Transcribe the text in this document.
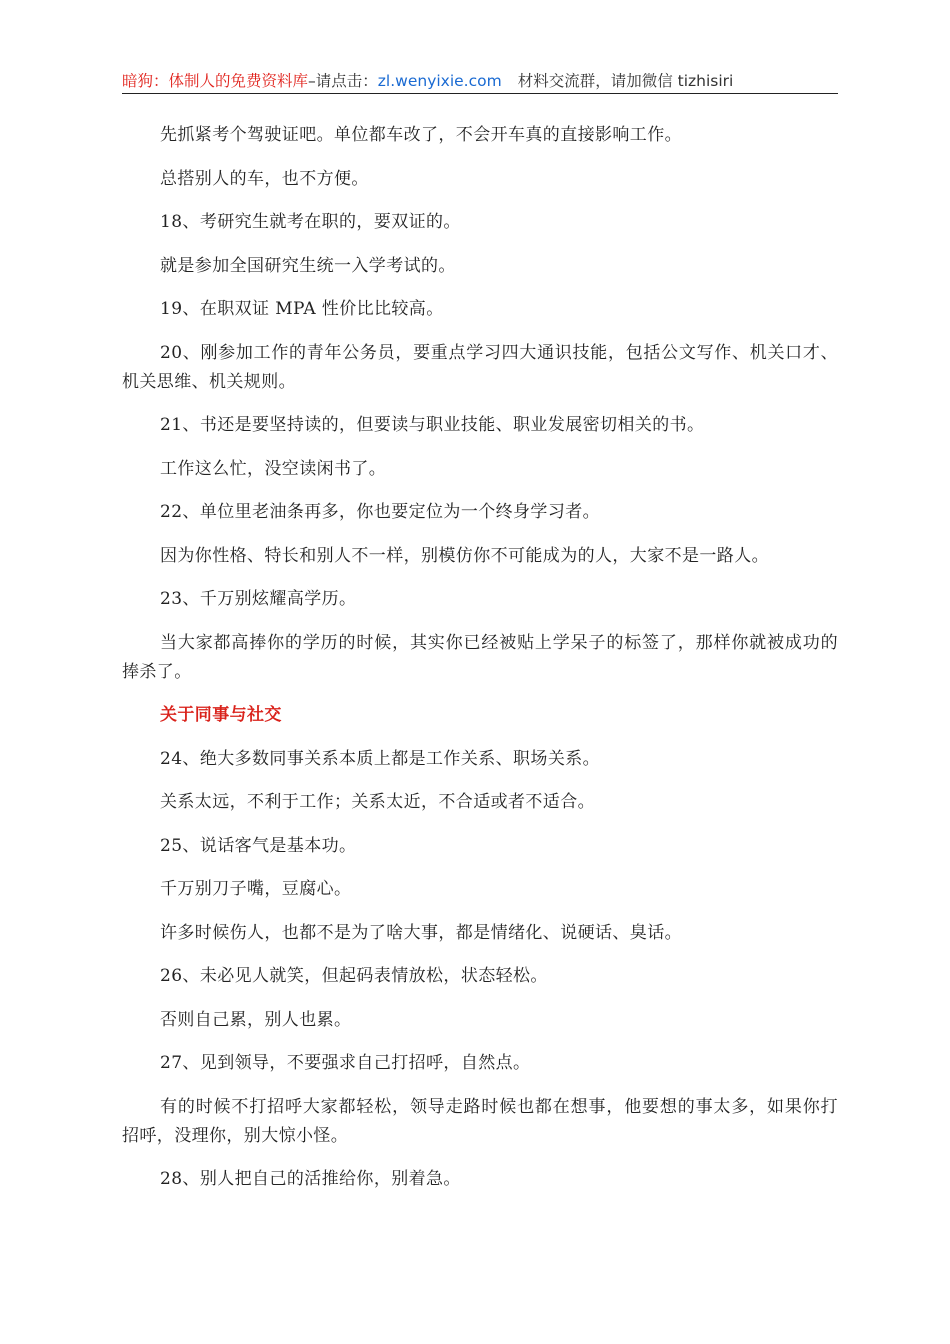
暗狗：体制人的免费资料库–请点击：zl.wenyixie.com 材料交流群，请加微信 tizhisiri

先抓紧考个驾驶证吧。单位都车改了，不会开车真的直接影响工作。

总搭别人的车，也不方便。

18、考研究生就考在职的，要双证的。

就是参加全国研究生统一入学考试的。

19、在职双证 MPA 性价比比较高。

20、刚参加工作的青年公务员，要重点学习四大通识技能，包括公文写作、机关口才、机关思维、机关规则。

21、书还是要坚持读的，但要读与职业技能、职业发展密切相关的书。

工作这么忙，没空读闲书了。

22、单位里老油条再多，你也要定位为一个终身学习者。

因为你性格、特长和别人不一样，别模仿你不可能成为的人，大家不是一路人。

23、千万别炫耀高学历。

当大家都高捧你的学历的时候，其实你已经被贴上学呆子的标签了，那样你就被成功的捧杀了。

关于同事与社交

24、绝大多数同事关系本质上都是工作关系、职场关系。

关系太远，不利于工作；关系太近，不合适或者不适合。

25、说话客气是基本功。

千万别刀子嘴，豆腐心。

许多时候伤人，也都不是为了啥大事，都是情绪化、说硬话、臭话。

26、未必见人就笑，但起码表情放松，状态轻松。

否则自己累，别人也累。

27、见到领导，不要强求自己打招呼，自然点。

有的时候不打招呼大家都轻松，领导走路时候也都在想事，他要想的事太多，如果你打招呼，没理你，别大惊小怪。

28、别人把自己的活推给你，别着急。
